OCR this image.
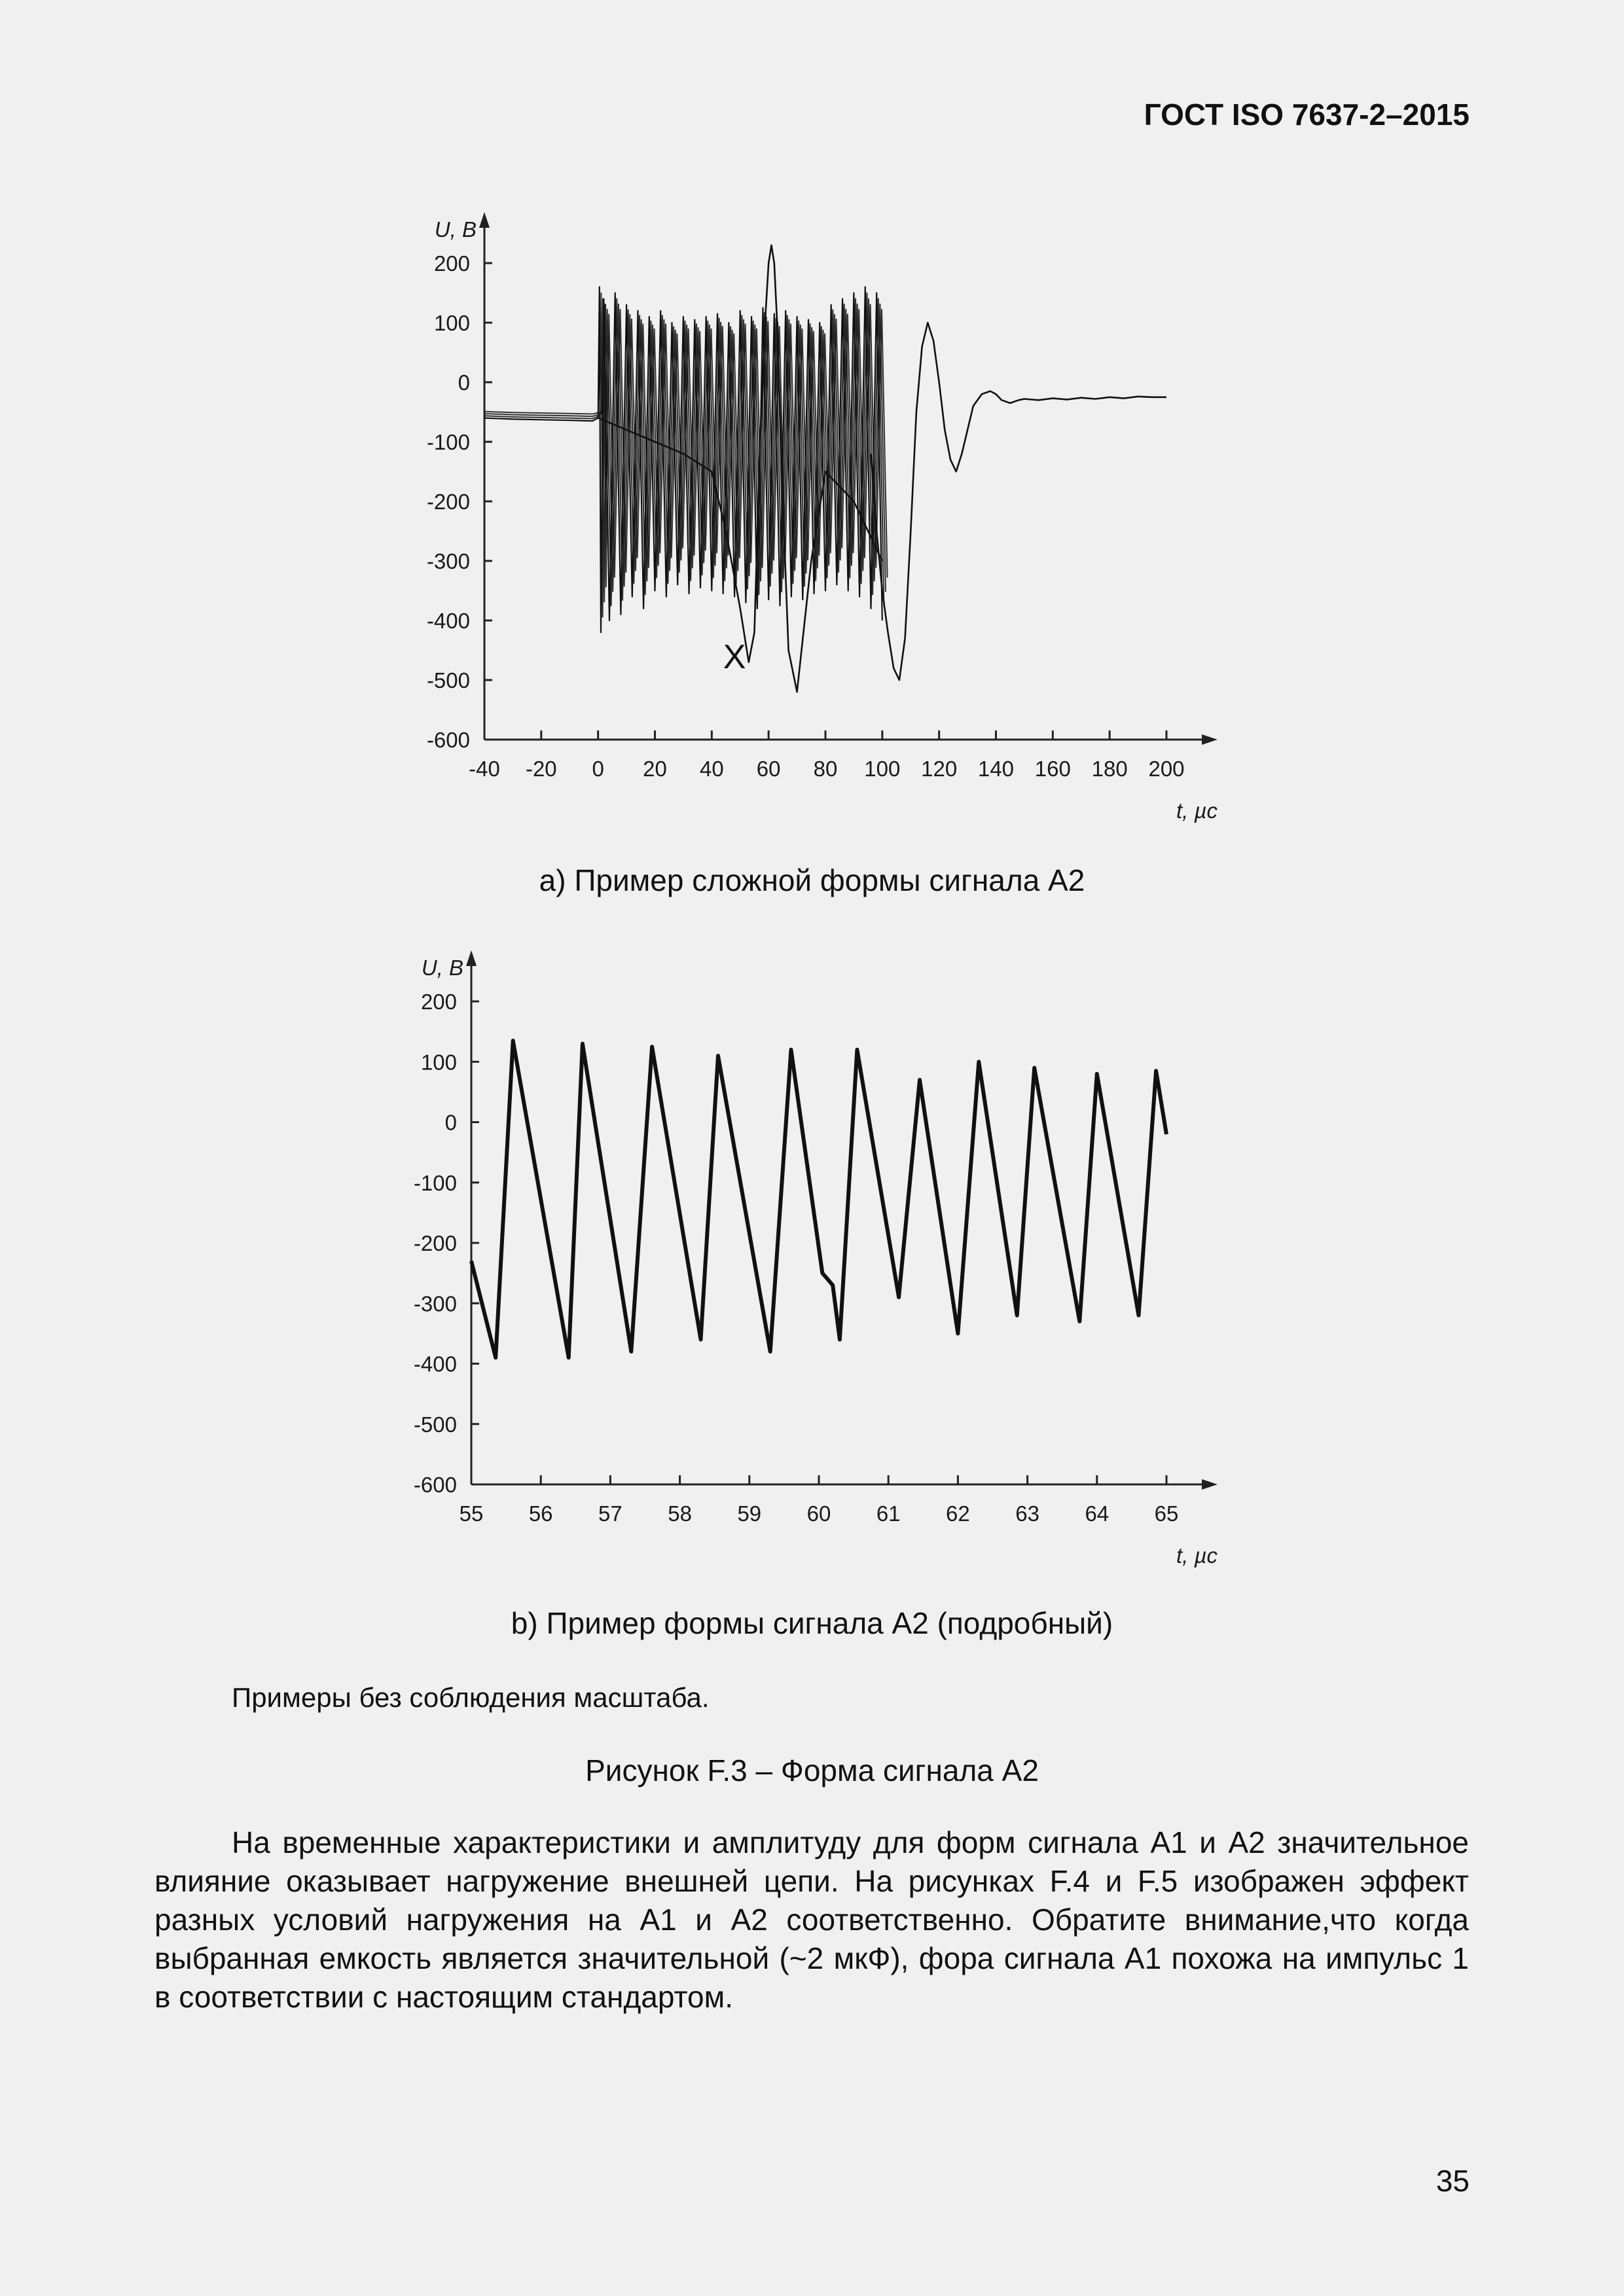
ГОСТ ISO 7637-2–2015

200
100
0
-100
-200
-300
-400
-500
-600
-40 -20 0 20 40 60 80 100 120 140 160 180 200
U, В
t, µс
X

a) Пример сложной формы сигнала А2

200
100
0
-100
-200
-300
-400
-500
-600
55 56 57 58 59 60 61 62 63 64 65
U, В
t, µс

b) Пример формы сигнала А2 (подробный)

Примеры без соблюдения масштаба.

Рисунок F.3 – Форма сигнала А2

На временные характеристики и амплитуду для форм сигнала А1 и А2 значительное влияние оказывает нагружение внешней цепи. На рисунках F.4 и F.5 изображен эффект разных условий нагружения на А1 и А2 соответственно. Обратите внимание,что когда выбранная емкость является значительной (~2 мкФ), фора сигнала А1 похожа на импульс 1 в соответствии с настоящим стандартом.

35
